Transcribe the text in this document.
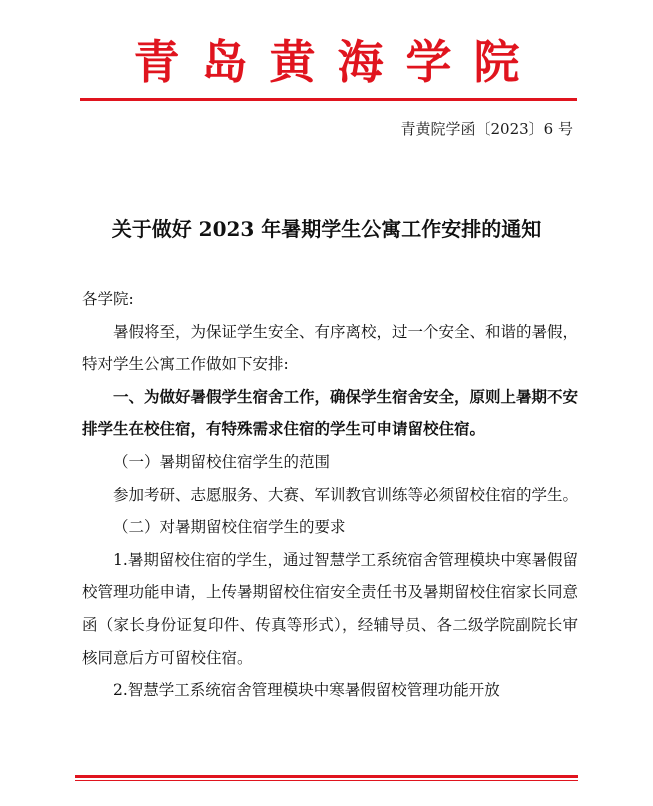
青岛黄海学院
青黄院学函〔2023〕6 号
关于做好 2023 年暑期学生公寓工作安排的通知

各学院:

暑假将至，为保证学生安全、有序离校，过一个安全、和谐的暑假，特对学生公寓工作做如下安排:

一、为做好暑假学生宿舍工作，确保学生宿舍安全，原则上暑期不安排学生在校住宿，有特殊需求住宿的学生可申请留校住宿。

（一）暑期留校住宿学生的范围

参加考研、志愿服务、大赛、军训教官训练等必须留校住宿的学生。

（二）对暑期留校住宿学生的要求

1.暑期留校住宿的学生，通过智慧学工系统宿舍管理模块中寒暑假留校管理功能申请，上传暑期留校住宿安全责任书及暑期留校住宿家长同意函（家长身份证复印件、传真等形式），经辅导员、各二级学院副院长审核同意后方可留校住宿。

2.智慧学工系统宿舍管理模块中寒暑假留校管理功能开放
